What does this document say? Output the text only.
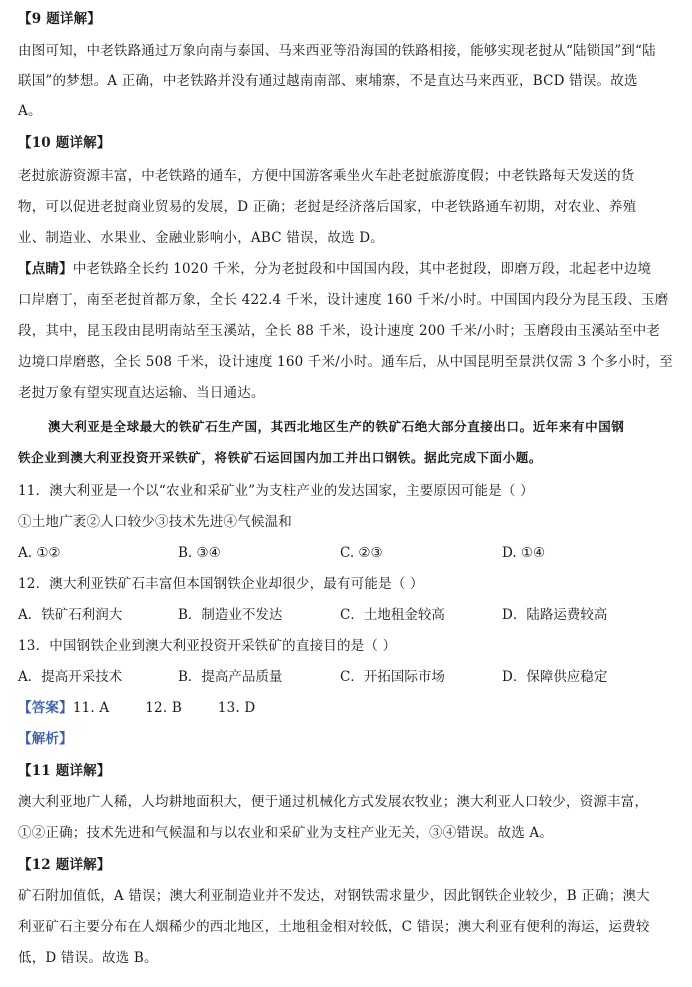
【9 题详解】
由图可知，中老铁路通过万象向南与泰国、马来西亚等沿海国的铁路相接，能够实现老挝从“陆锁国”到“陆
联国”的梦想。A 正确，中老铁路并没有通过越南南部、柬埔寨，不是直达马来西亚，BCD 错误。故选
A。
【10 题详解】
老挝旅游资源丰富，中老铁路的通车，方便中国游客乘坐火车赴老挝旅游度假；中老铁路每天发送的货
物，可以促进老挝商业贸易的发展，D 正确；老挝是经济落后国家，中老铁路通车初期，对农业、养殖
业、制造业、水果业、金融业影响小，ABC 错误，故选 D。
【点睛】中老铁路全长约 1020 千米，分为老挝段和中国国内段，其中老挝段，即磨万段，北起老中边境
口岸磨丁，南至老挝首都万象，全长 422.4 千米，设计速度 160 千米/小时。中国国内段分为昆玉段、玉磨
段，其中，昆玉段由昆明南站至玉溪站，全长 88 千米，设计速度 200 千米/小时；玉磨段由玉溪站至中老
边境口岸磨憨，全长 508 千米，设计速度 160 千米/小时。通车后，从中国昆明至景洪仅需 3 个多小时，至
老挝万象有望实现直达运输、当日通达。
澳大利亚是全球最大的铁矿石生产国，其西北地区生产的铁矿石绝大部分直接出口。近年来有中国钢
铁企业到澳大利亚投资开采铁矿，将铁矿石运回国内加工并出口钢铁。据此完成下面小题。
11．澳大利亚是一个以“农业和采矿业”为支柱产业的发达国家，主要原因可能是（ ）
①土地广袤②人口较少③技术先进④气候温和
A. ①②	B. ③④	C. ②③	D. ①④
12．澳大利亚铁矿石丰富但本国钢铁企业却很少，最有可能是（ ）
A．铁矿石利润大	B．制造业不发达	C．土地租金较高	D．陆路运费较高
13．中国钢铁企业到澳大利亚投资开采铁矿的直接目的是（ ）
A．提高开采技术	B．提高产品质量	C．开拓国际市场	D．保障供应稳定
【答案】11. A        12. B        13. D
【解析】
【11 题详解】
澳大利亚地广人稀，人均耕地面积大，便于通过机械化方式发展农牧业；澳大利亚人口较少，资源丰富，
①②正确；技术先进和气候温和与以农业和采矿业为支柱产业无关，③④错误。故选 A。
【12 题详解】
矿石附加值低，A 错误；澳大利亚制造业并不发达，对钢铁需求量少，因此钢铁企业较少，B 正确；澳大
利亚矿石主要分布在人烟稀少的西北地区，土地租金相对较低，C 错误；澳大利亚有便利的海运，运费较
低，D 错误。故选 B。
